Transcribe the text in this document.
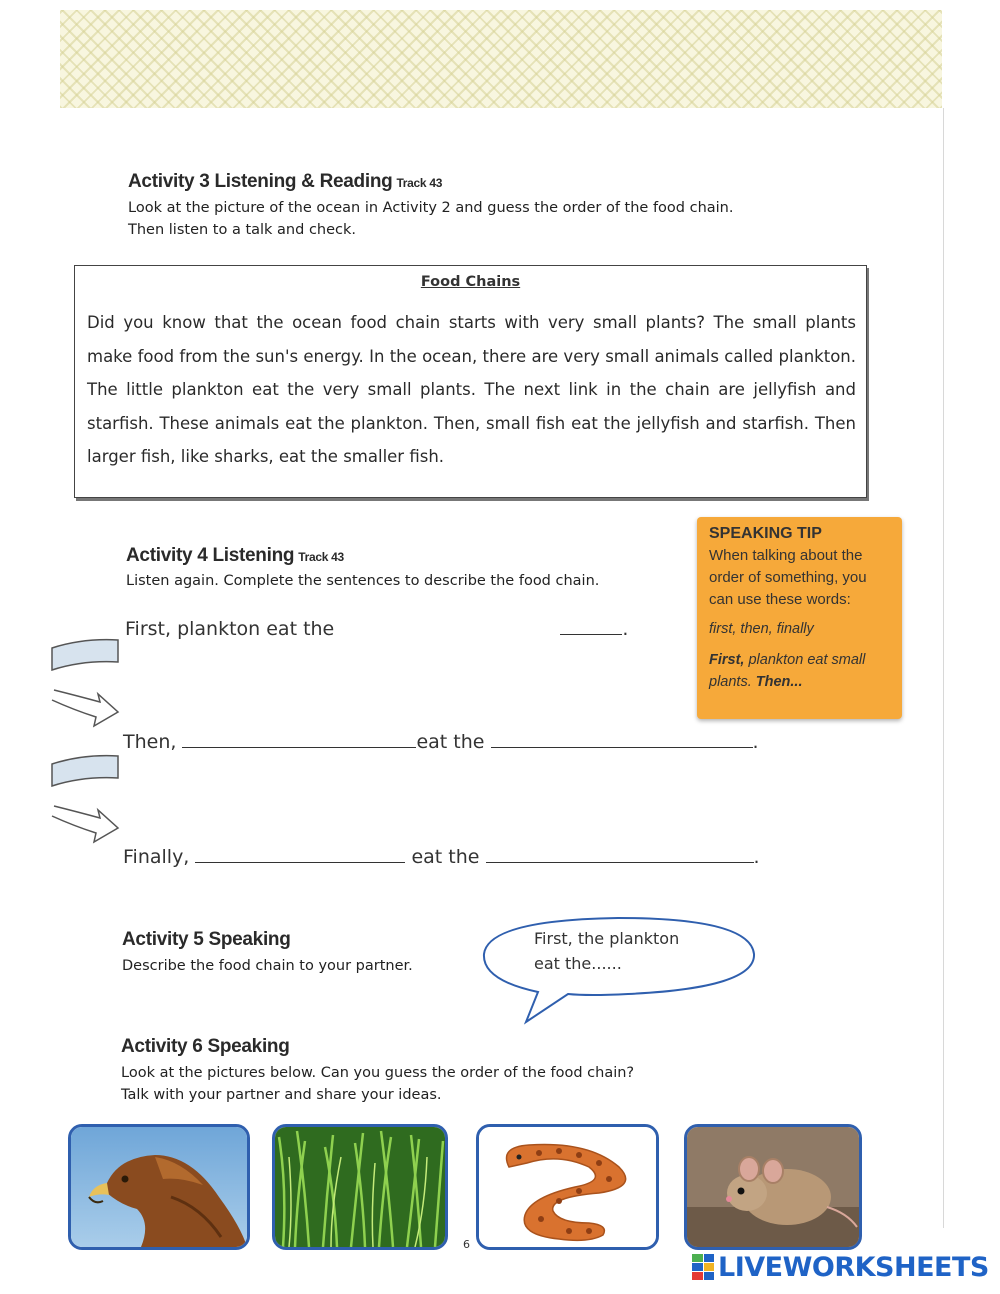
Activity 3 Listening & Reading Track 43
Look at the picture of the ocean in Activity 2 and guess the order of the food chain.
Then listen to a talk and check.
Food Chains
Did you know that the ocean food chain starts with very small plants? The small plants make food from the sun's energy. In the ocean, there are very small animals called plankton. The little plankton eat the very small plants. The next link in the chain are jellyfish and starfish. These animals eat the plankton. Then, small fish eat the jellyfish and starfish. Then larger fish, like sharks, eat the smaller fish.
Activity 4 Listening Track 43
Listen again. Complete the sentences to describe the food chain.
First, plankton eat the	.
Then,	eat the	.
Finally,	eat the	.
SPEAKING TIP
When talking about the order of something, you can use these words:
first, then, finally
First, plankton eat small plants. Then...
Activity 5 Speaking
Describe the food chain to your partner.
First, the plankton
eat the......
Activity 6 Speaking
Look at the pictures below. Can you guess the order of the food chain?
Talk with your partner and share your ideas.
6
LIVEWORKSHEETS
